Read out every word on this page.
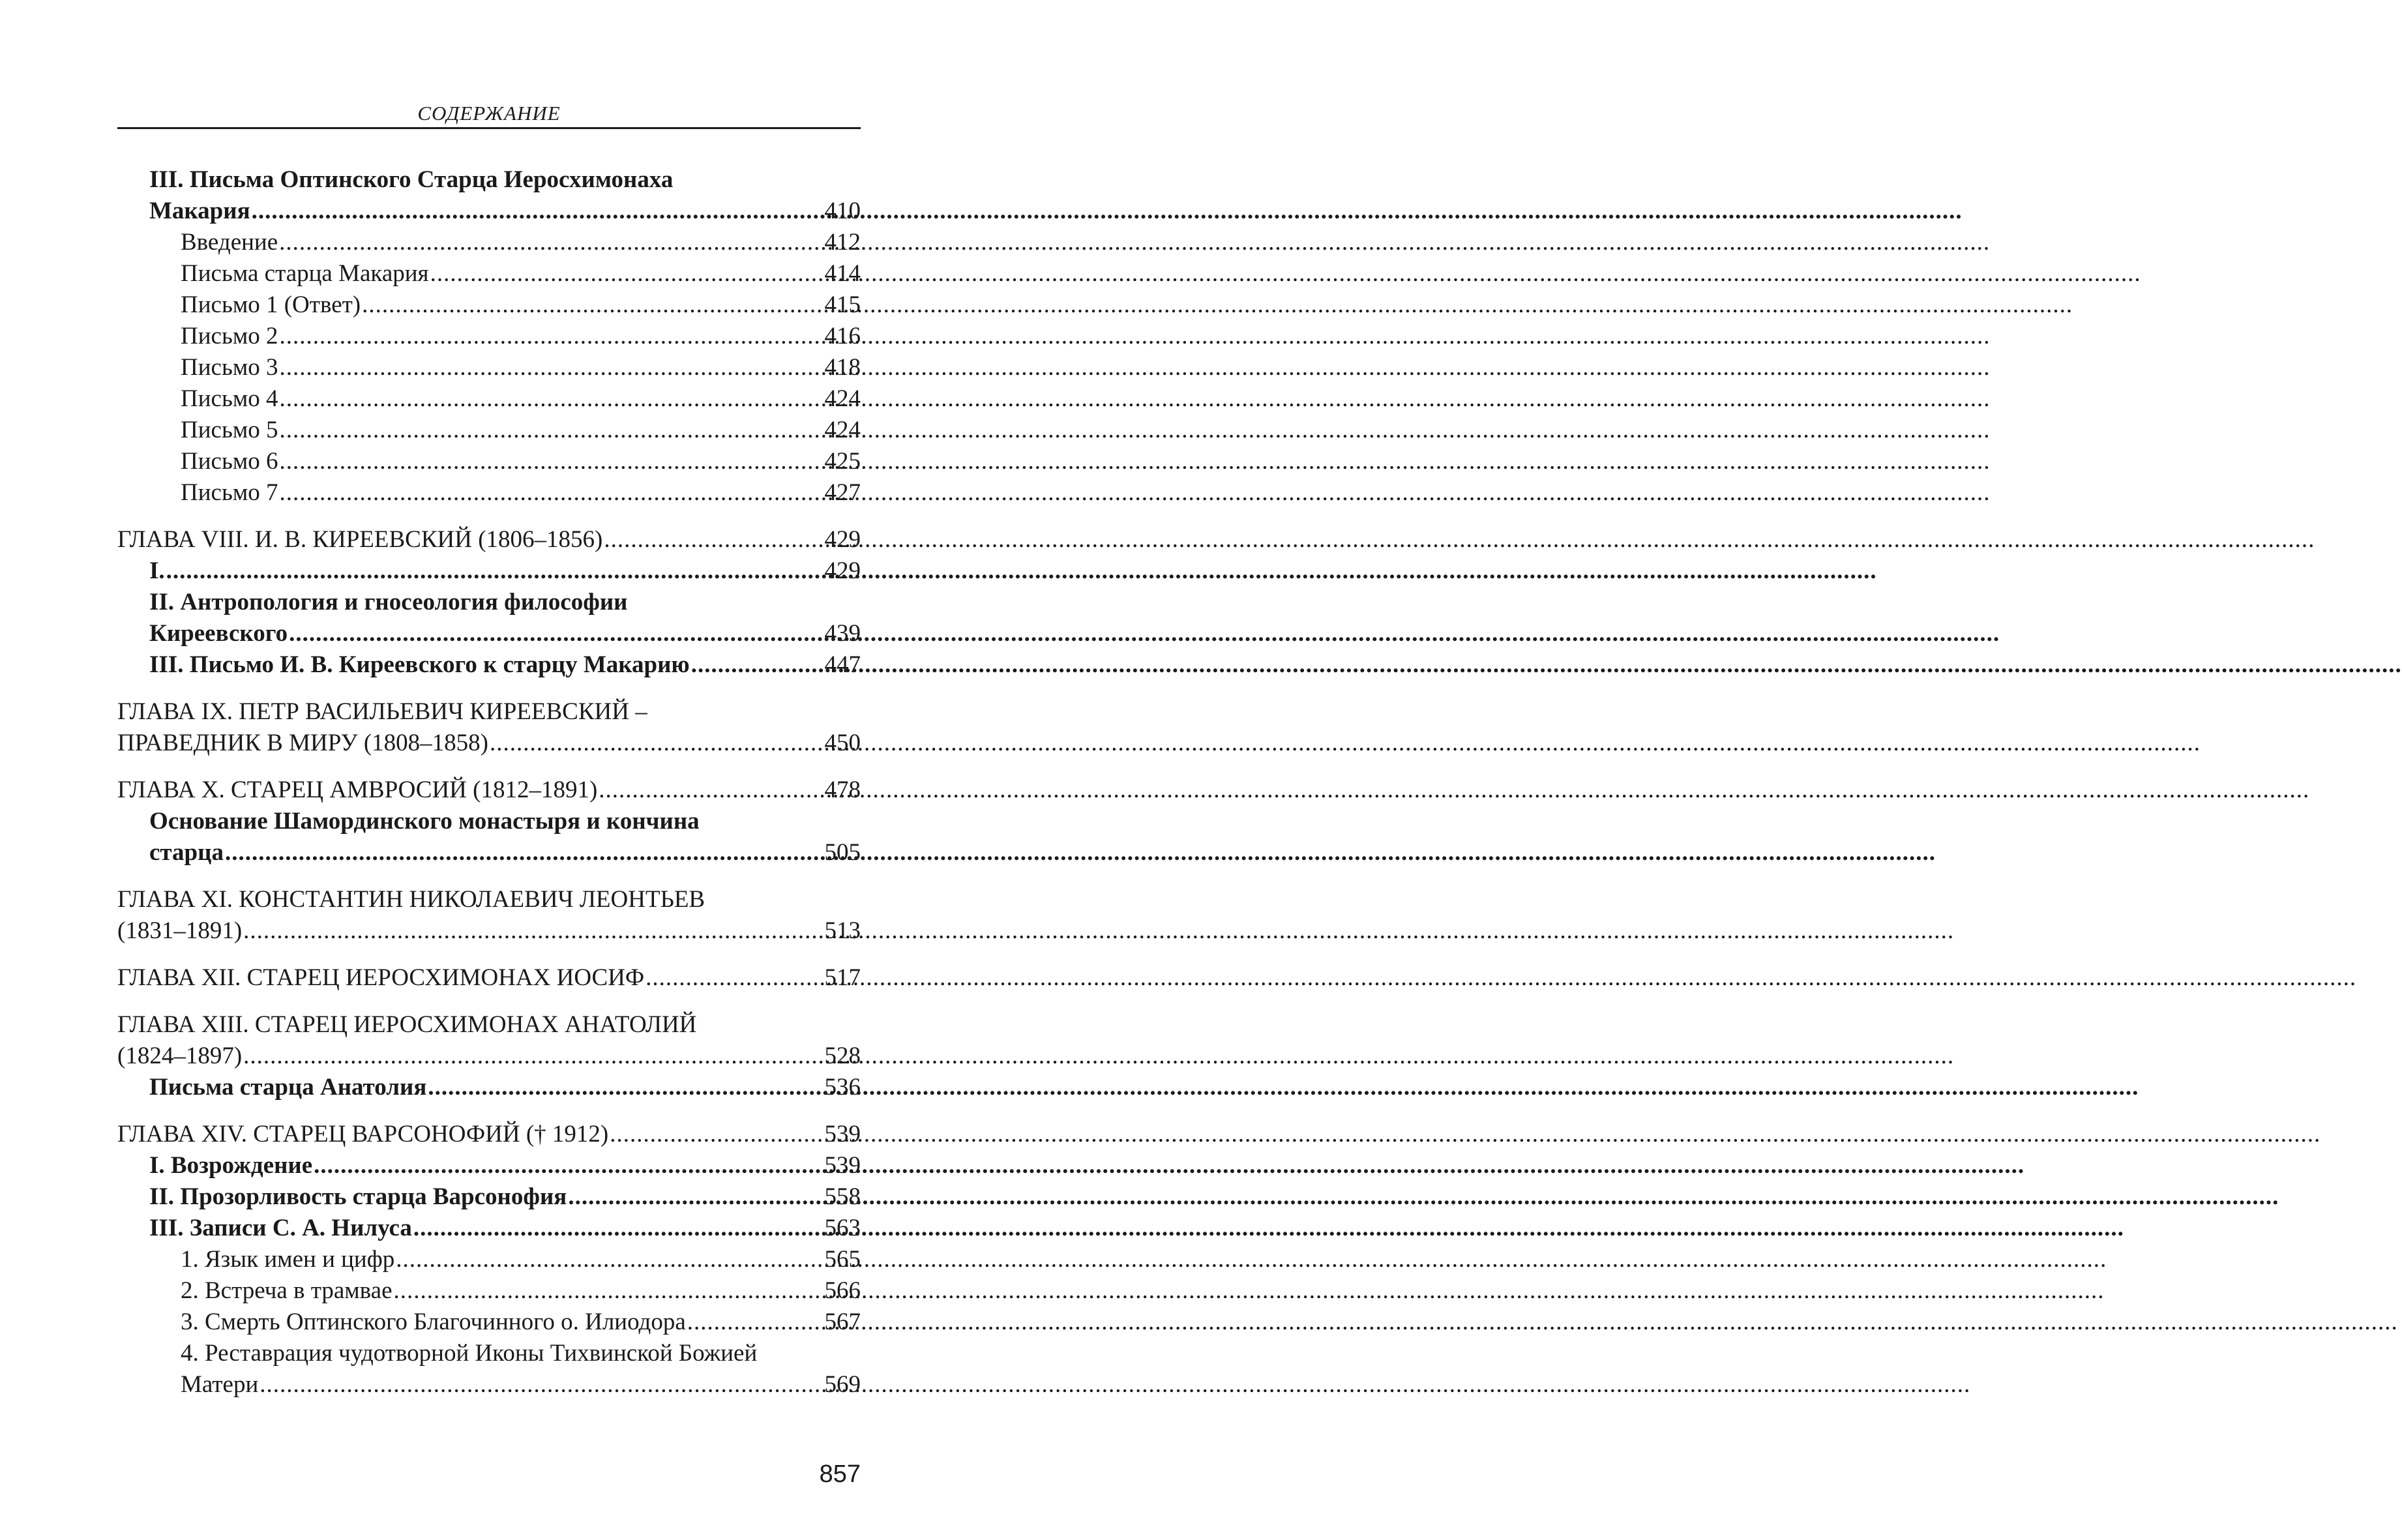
СОДЕРЖАНИЕ
III. Письма Оптинского Старца Иеросхимонаха
Макария .....	410
Введение .....	412
Письма старца Макария .....	414
Письмо 1 (Ответ) .....	415
Письмо 2 .....	416
Письмо 3 .....	418
Письмо 4 .....	424
Письмо 5 .....	424
Письмо 6 .....	425
Письмо 7 .....	427
ГЛАВА VIII. И. В. КИРЕЕВСКИЙ (1806–1856) .....	429
I. .....	429
II. Антропология и гносеология философии
Киреевского .....	439
III. Письмо И. В. Киреевского к старцу Макарию .....	447
ГЛАВА IX. ПЕТР ВАСИЛЬЕВИЧ КИРЕЕВСКИЙ –
ПРАВЕДНИК В МИРУ (1808–1858) .....	450
ГЛАВА X. СТАРЕЦ АМВРОСИЙ (1812–1891) .....	478
Основание Шамординского монастыря и кончина
старца .....	505
ГЛАВА XI. КОНСТАНТИН НИКОЛАЕВИЧ ЛЕОНТЬЕВ
(1831–1891) .....	513
ГЛАВА XII. СТАРЕЦ ИЕРОСХИМОНАХ ИОСИФ .....	517
ГЛАВА XIII. СТАРЕЦ ИЕРОСХИМОНАХ АНАТОЛИЙ
(1824–1897) .....	528
Письма старца Анатолия .....	536
ГЛАВА XIV. СТАРЕЦ ВАРСОНОФИЙ († 1912) .....	539
I. Возрождение .....	539
II. Прозорливость старца Варсонофия .....	558
III. Записи С. А. Нилуса .....	563
1. Язык имен и цифр .....	565
2. Встреча в трамвае .....	566
3. Смерть Оптинского Благочинного о. Илиодора .....	567
4. Реставрация чудотворной Иконы Тихвинской Божией
Матери .....	569
857
